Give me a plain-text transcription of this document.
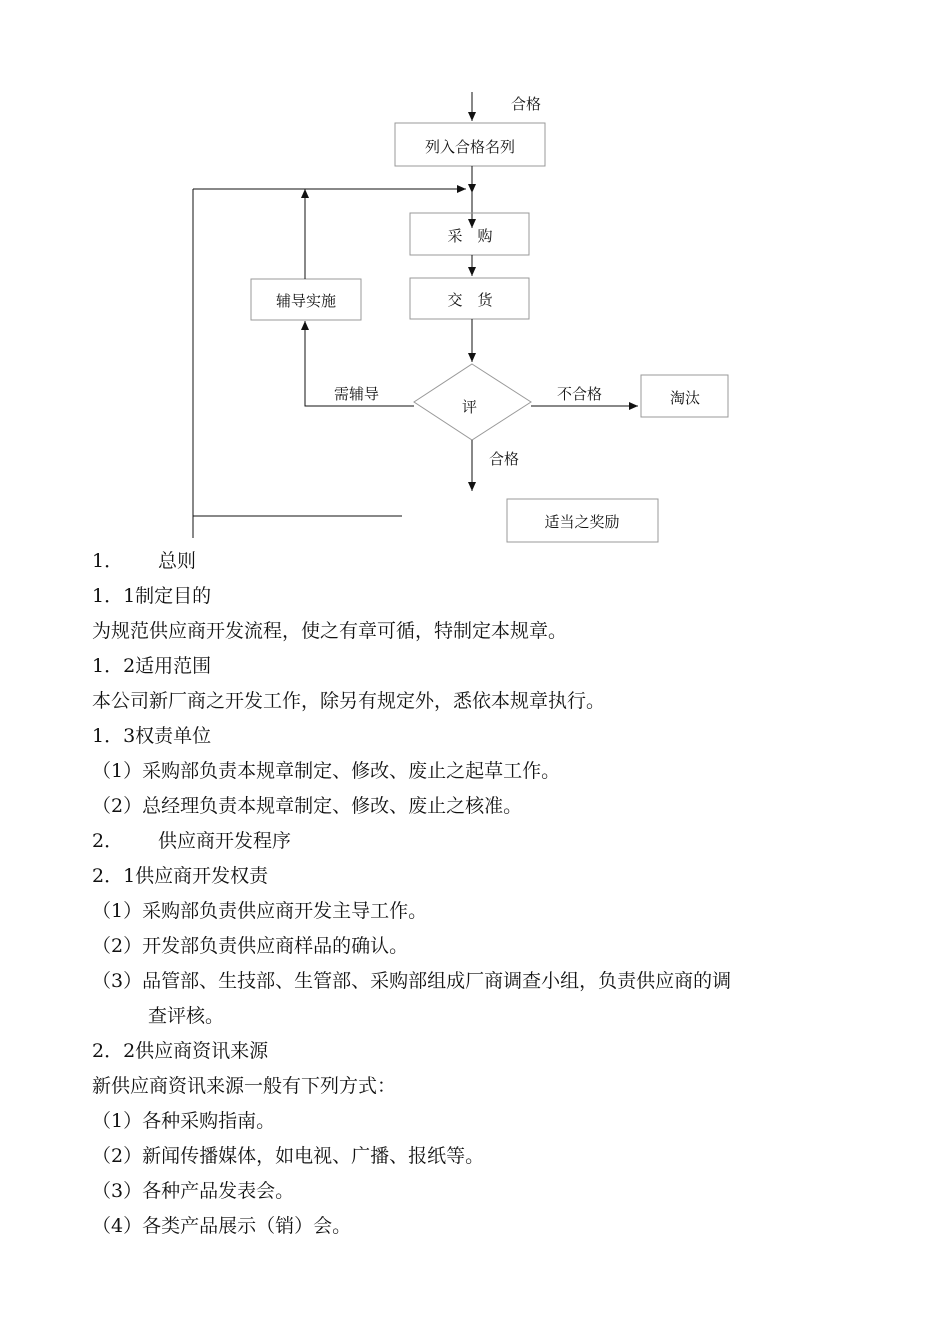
合格
列入合格名列
采　购
交　货
评
需辅导
辅导实施
不合格	淘汰
合格
适当之奖励
1． 总则
1．1制定目的
为规范供应商开发流程，使之有章可循，特制定本规章。
1．2适用范围
本公司新厂商之开发工作，除另有规定外，悉依本规章执行。
1．3权责单位
（1）采购部负责本规章制定、修改、废止之起草工作。
（2）总经理负责本规章制定、修改、废止之核准。
2． 供应商开发程序
2．1供应商开发权责
（1）采购部负责供应商开发主导工作。
（2）开发部负责供应商样品的确认。
（3）品管部、生技部、生管部、采购部组成厂商调查小组，负责供应商的调
查评核。
2．2供应商资讯来源
新供应商资讯来源一般有下列方式：
（1）各种采购指南。
（2）新闻传播媒体，如电视、广播、报纸等。
（3）各种产品发表会。
（4）各类产品展示（销）会。
